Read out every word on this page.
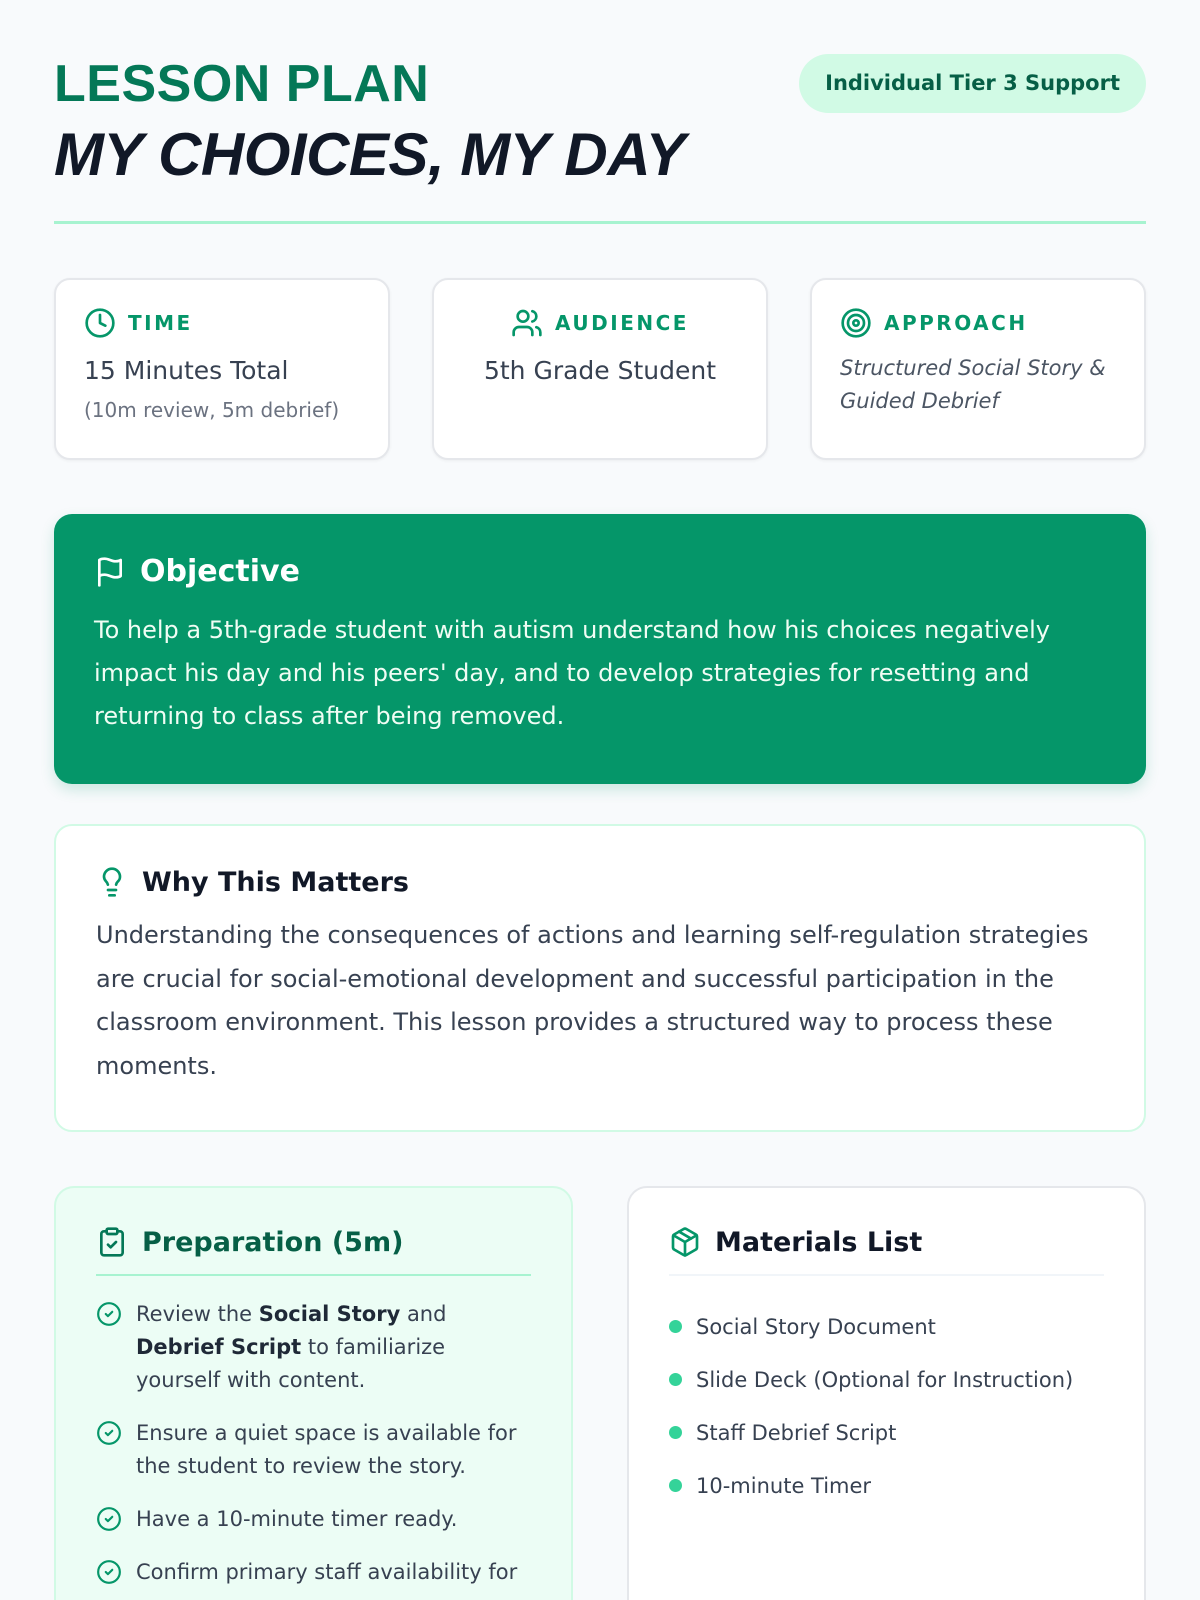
LESSON PLAN
MY CHOICES, MY DAY
Individual Tier 3 Support
TIME
15 Minutes Total
(10m review, 5m debrief)
AUDIENCE
5th Grade Student
APPROACH
Structured Social Story & Guided Debrief
Objective

To help a 5th-grade student with autism understand how his choices negatively impact his day and his peers' day, and to develop strategies for resetting and returning to class after being removed.

Why This Matters

Understanding the consequences of actions and learning self-regulation strategies are crucial for social-emotional development and successful participation in the classroom environment. This lesson provides a structured way to process these moments.

Preparation (5m)
Review the Social Story and Debrief Script to familiarize yourself with content.
Ensure a quiet space is available for the student to review the story.
Have a 10-minute timer ready.
Confirm primary staff availability for
Materials List
Social Story Document
Slide Deck (Optional for Instruction)
Staff Debrief Script
10-minute Timer
